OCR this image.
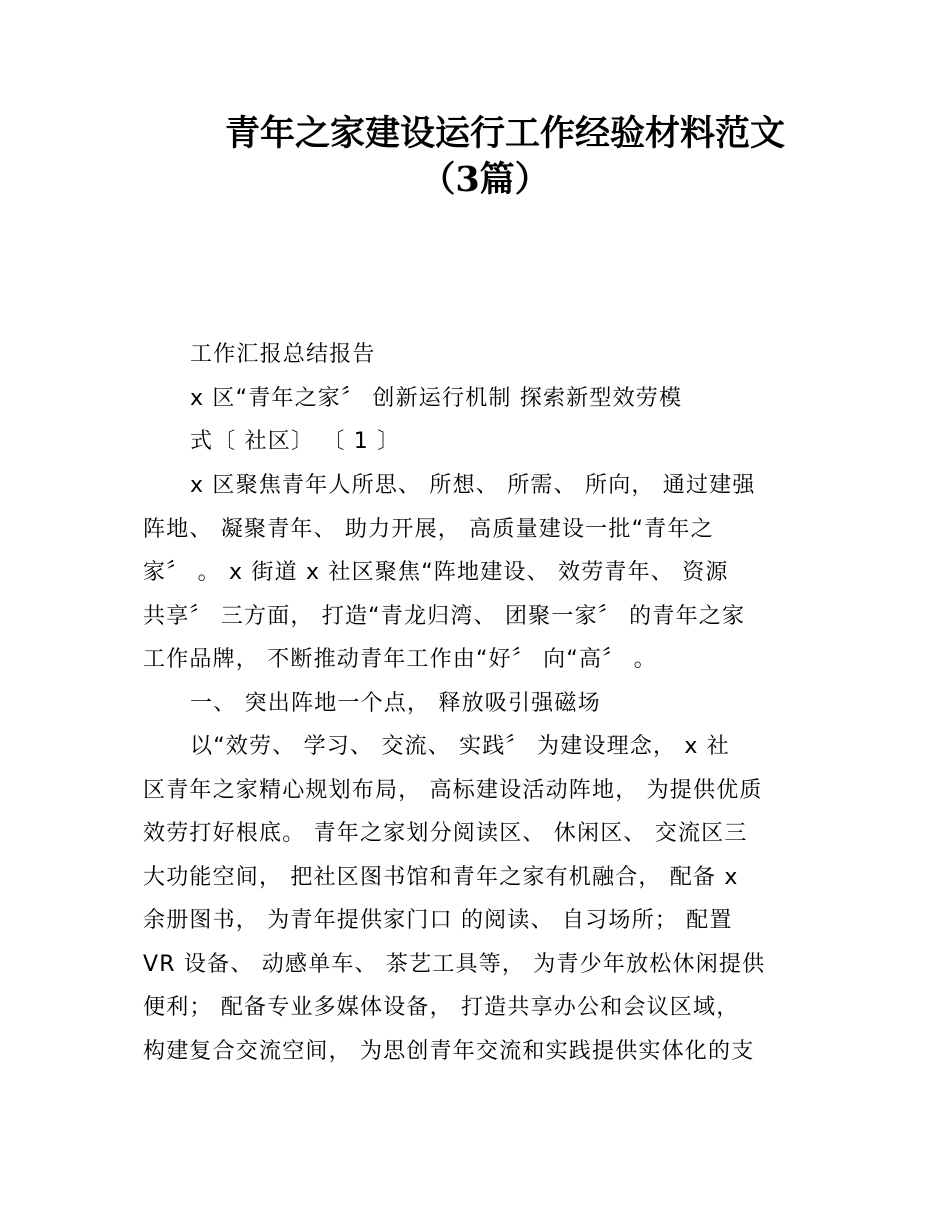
青年之家建设运行工作经验材料范文
（3篇）
工作汇报总结报告
x 区“青年之家〞 创新运行机制 探索新型效劳模
式〔 社区〕 〔 1 〕
x 区聚焦青年人所思、 所想、 所需、 所向， 通过建强
阵地、 凝聚青年、 助力开展， 高质量建设一批“青年之
家〞 。 x 街道 x 社区聚焦“阵地建设、 效劳青年、 资源
共享〞 三方面， 打造“青龙归湾、 团聚一家〞 的青年之家
工作品牌， 不断推动青年工作由“好〞 向“高〞 。
一、 突出阵地一个点， 释放吸引强磁场
以“效劳、 学习、 交流、 实践〞 为建设理念， x 社
区青年之家精心规划布局， 高标建设活动阵地， 为提供优质
效劳打好根底。 青年之家划分阅读区、 休闲区、 交流区三
大功能空间， 把社区图书馆和青年之家有机融合， 配备 x
余册图书， 为青年提供家门口 的阅读、 自习场所； 配置
VR 设备、 动感单车、 茶艺工具等， 为青少年放松休闲提供
便利； 配备专业多媒体设备， 打造共享办公和会议区域，
构建复合交流空间， 为思创青年交流和实践提供实体化的支
